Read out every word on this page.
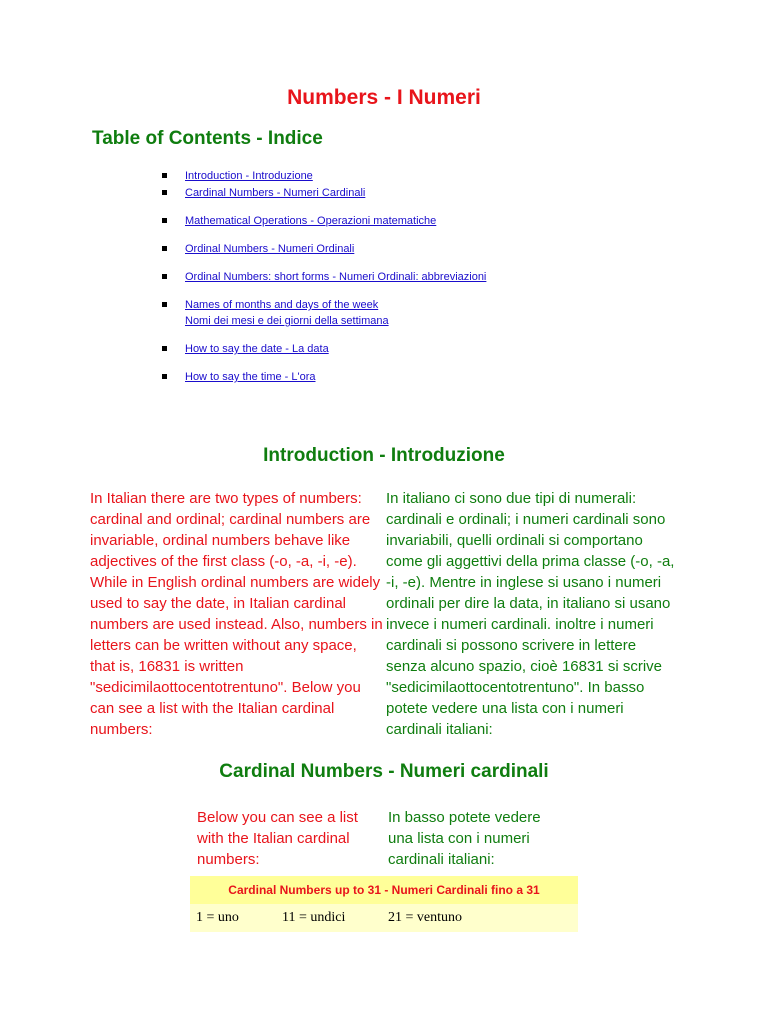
Numbers - I Numeri
Table of Contents - Indice
Introduction - Introduzione
Cardinal Numbers - Numeri Cardinali
Mathematical Operations - Operazioni matematiche
Ordinal Numbers - Numeri Ordinali
Ordinal Numbers: short forms - Numeri Ordinali: abbreviazioni
Names of months and days of the week
Nomi dei mesi e dei giorni della settimana
How to say the date - La data
How to say the time - L'ora
Introduction - Introduzione
In Italian there are two types of numbers: cardinal and ordinal; cardinal numbers are invariable, ordinal numbers behave like adjectives of the first class (-o, -a, -i, -e). While in English ordinal numbers are widely used to say the date, in Italian cardinal numbers are used instead. Also, numbers in letters can be written without any space, that is, 16831 is written "sedicimilaottocentotrentuno". Below you can see a list with the Italian cardinal numbers:
In italiano ci sono due tipi di numerali: cardinali e ordinali; i numeri cardinali sono invariabili, quelli ordinali si comportano come gli aggettivi della prima classe (-o, -a, -i, -e). Mentre in inglese si usano i numeri ordinali per dire la data, in italiano si usano invece i numeri cardinali. inoltre i numeri cardinali si possono scrivere in lettere senza alcuno spazio, cioè 16831 si scrive "sedicimilaottocentotrentuno". In basso potete vedere una lista con i numeri cardinali italiani:
Cardinal Numbers - Numeri cardinali
Below you can see a list with the Italian cardinal numbers:
In basso potete vedere una lista con i numeri cardinali italiani:
Cardinal Numbers up to 31 - Numeri Cardinali fino a 31
1 = uno	11 = undici	21 = ventuno
